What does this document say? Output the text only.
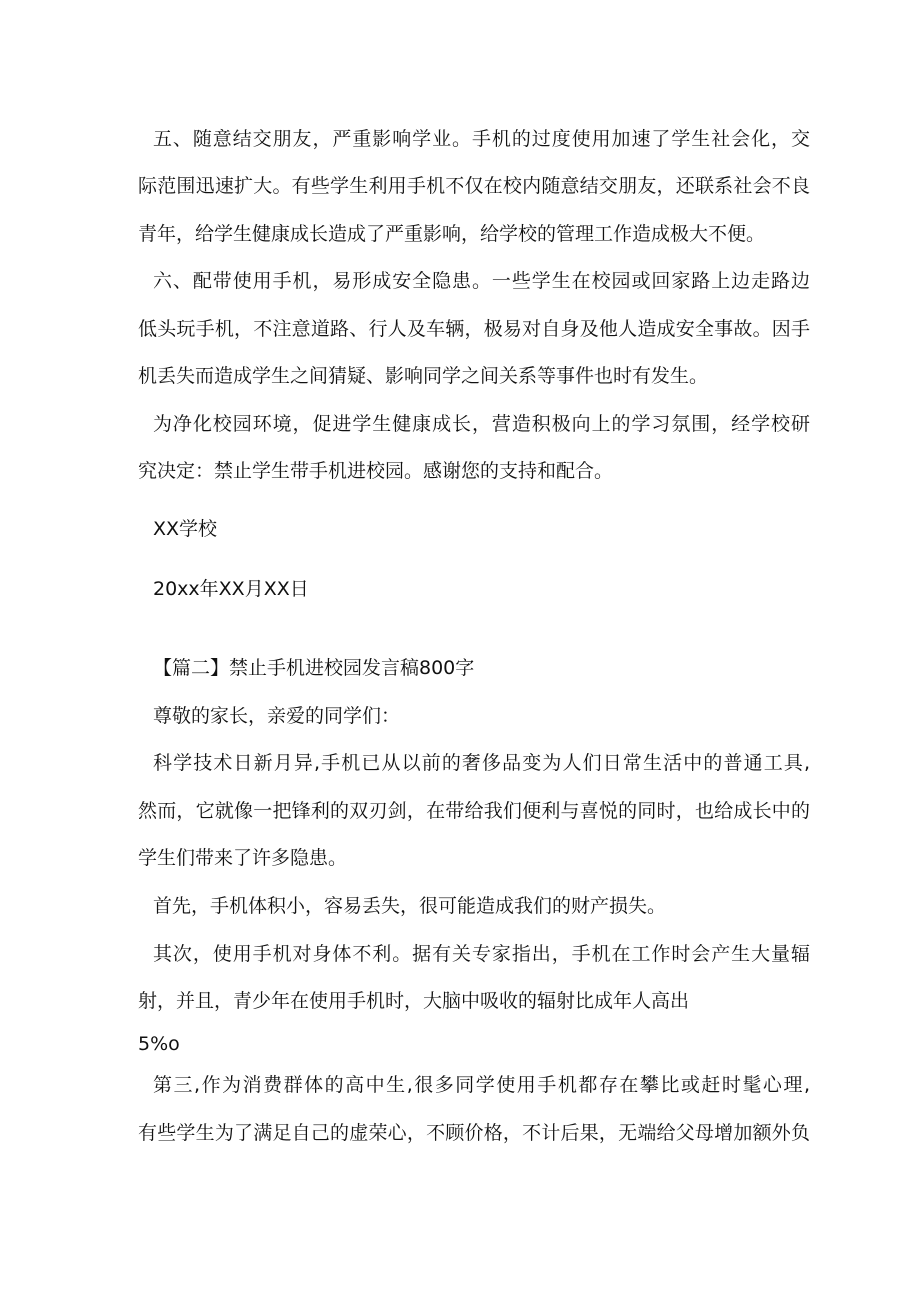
五、随意结交朋友，严重影响学业。手机的过度使用加速了学生社会化，交
际范围迅速扩大。有些学生利用手机不仅在校内随意结交朋友，还联系社会不良
青年，给学生健康成长造成了严重影响，给学校的管理工作造成极大不便。
六、配带使用手机，易形成安全隐患。一些学生在校园或回家路上边走路边
低头玩手机，不注意道路、行人及车辆，极易对自身及他人造成安全事故。因手
机丢失而造成学生之间猜疑、影响同学之间关系等事件也时有发生。
为净化校园环境，促进学生健康成长，营造积极向上的学习氛围，经学校研
究决定：禁止学生带手机进校园。感谢您的支持和配合。
XX学校
20xx年XX月XX日
【篇二】禁止手机进校园发言稿800字
尊敬的家长，亲爱的同学们：
科学技术日新月异,手机已从以前的奢侈品变为人们日常生活中的普通工具,
然而，它就像一把锋利的双刃剑，在带给我们便利与喜悦的同时，也给成长中的
学生们带来了许多隐患。
首先，手机体积小，容易丢失，很可能造成我们的财产损失。
其次，使用手机对身体不利。据有关专家指出，手机在工作时会产生大量辐
射，并且，青少年在使用手机时，大脑中吸收的辐射比成年人高出
5%o
第三,作为消费群体的高中生,很多同学使用手机都存在攀比或赶时髦心理,
有些学生为了满足自己的虚荣心，不顾价格，不计后果，无端给父母增加额外负
